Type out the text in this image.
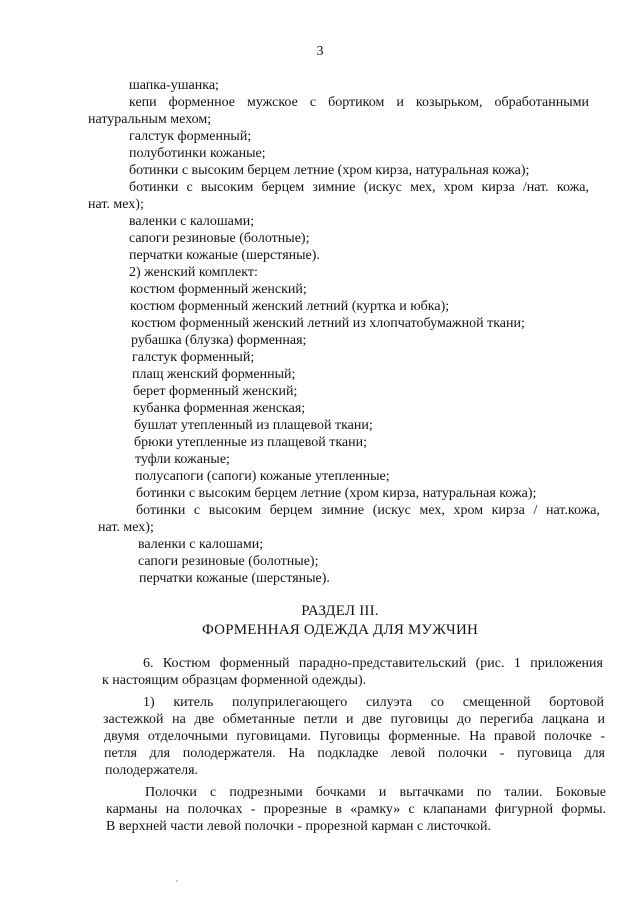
3
шапка-ушанка;
кепи форменное мужское с бортиком и козырьком, обработанными
натуральным мехом;
галстук форменный;
полуботинки кожаные;
ботинки с высоким берцем летние (хром кирза, натуральная кожа);
ботинки с высоким берцем зимние (искус мех, хром кирза /нат. кожа,
нат. мех);
валенки с калошами;
сапоги резиновые (болотные);
перчатки кожаные (шерстяные).
2) женский комплект:
костюм форменный женский;
костюм форменный женский летний (куртка и юбка);
костюм форменный женский летний из хлопчатобумажной ткани;
рубашка (блузка) форменная;
галстук форменный;
плащ женский форменный;
берет форменный женский;
кубанка форменная женская;
бушлат утепленный из плащевой ткани;
брюки утепленные из плащевой ткани;
туфли кожаные;
полусапоги (сапоги) кожаные утепленные;
ботинки с высоким берцем летние (хром кирза, натуральная кожа);
ботинки с высоким берцем зимние (искус мех, хром кирза / нат.кожа,
нат. мех);
валенки с калошами;
сапоги резиновые (болотные);
перчатки кожаные (шерстяные).
РАЗДЕЛ III.
ФОРМЕННАЯ ОДЕЖДА ДЛЯ МУЖЧИН
6. Костюм форменный парадно-представительский (рис. 1 приложения
к настоящим образцам форменной одежды).
1) китель полуприлегающего силуэта со смещенной бортовой
застежкой на две обметанные петли и две пуговицы до перегиба лацкана и
двумя отделочными пуговицами. Пуговицы форменные. На правой полочке -
петля для полодержателя. На подкладке левой полочки - пуговица для
полодержателя.
Полочки с подрезными бочками и вытачками по талии. Боковые
карманы на полочках - прорезные в «рамку» с клапанами фигурной формы.
В верхней части левой полочки - прорезной карман с листочкой.
